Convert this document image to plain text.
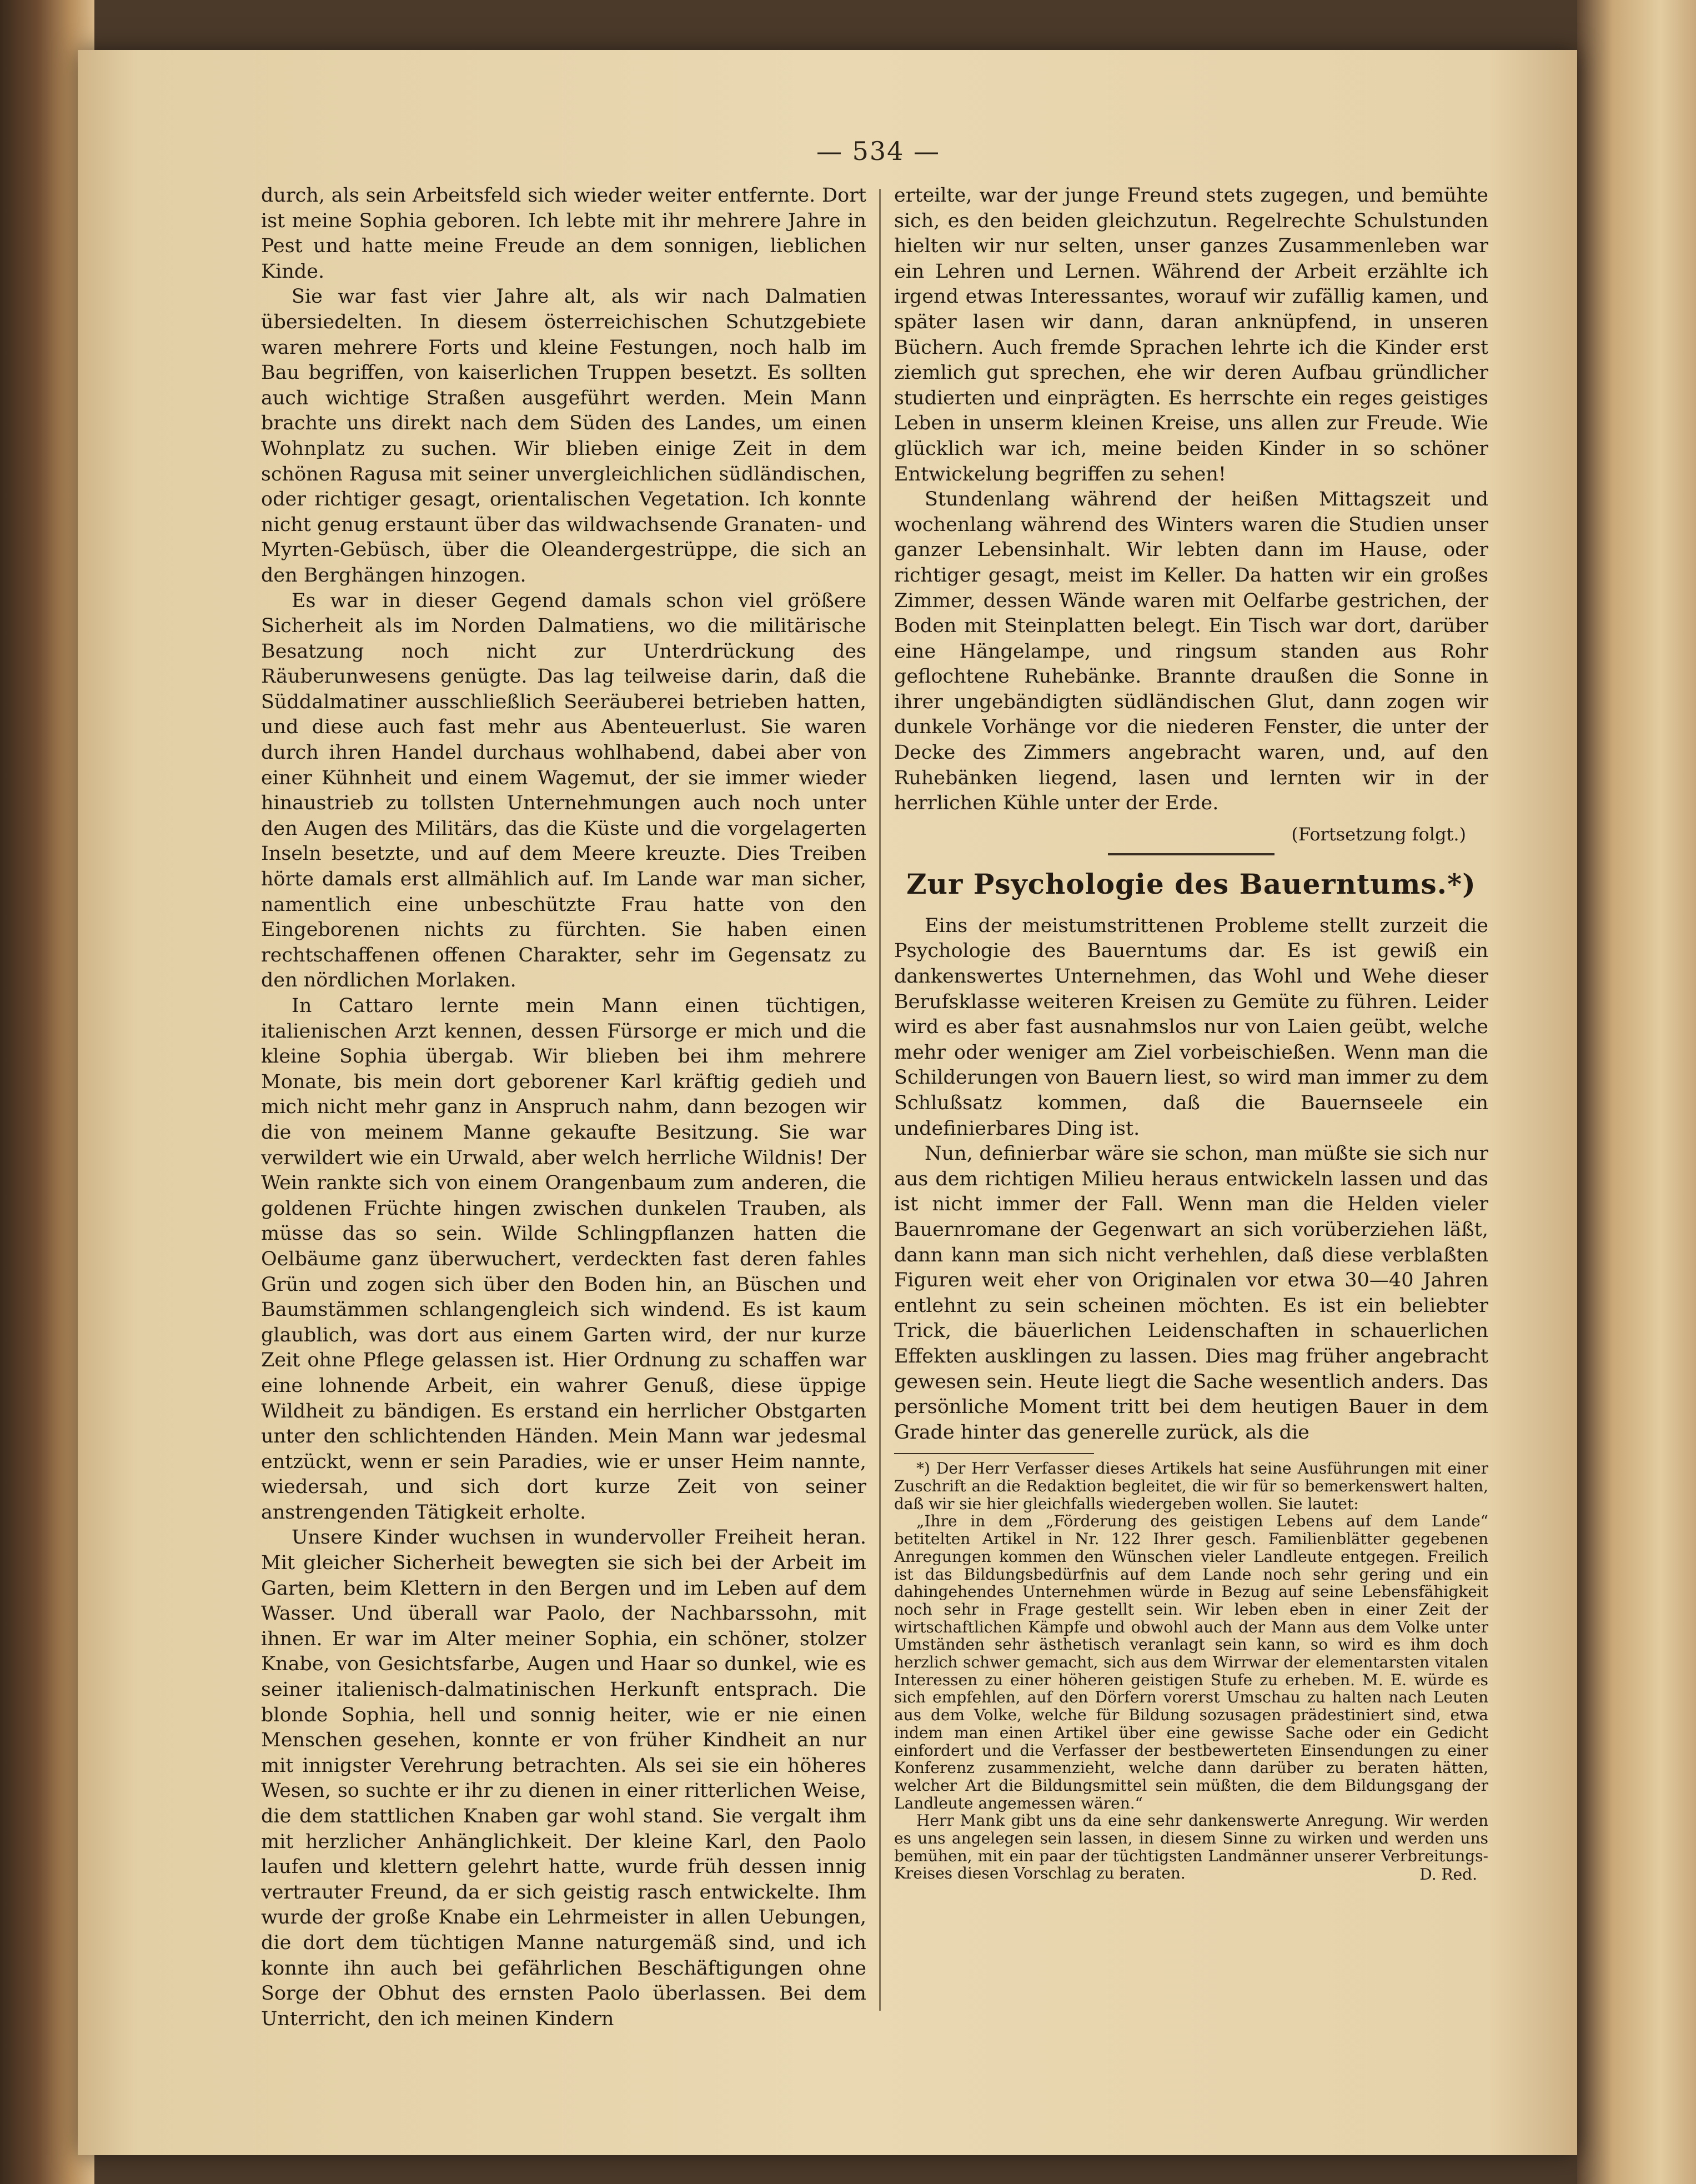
— 534 —

durch, als sein Arbeitsfeld sich wieder weiter entfernte. Dort ist meine Sophia geboren. Ich lebte mit ihr mehrere Jahre in Pest und hatte meine Freude an dem sonnigen, lieblichen Kinde.

Sie war fast vier Jahre alt, als wir nach Dalmatien übersiedelten. In diesem österreichischen Schutzgebiete waren mehrere Forts und kleine Festungen, noch halb im Bau begriffen, von kaiserlichen Truppen besetzt. Es sollten auch wichtige Straßen ausgeführt werden. Mein Mann brachte uns direkt nach dem Süden des Landes, um einen Wohnplatz zu suchen. Wir blieben einige Zeit in dem schönen Ragusa mit seiner unvergleichlichen südländischen, oder richtiger gesagt, orientalischen Vegetation. Ich konnte nicht genug erstaunt über das wildwachsende Granaten- und Myrten-Gebüsch, über die Oleandergestrüppe, die sich an den Berghängen hinzogen.

Es war in dieser Gegend damals schon viel größere Sicherheit als im Norden Dalmatiens, wo die militärische Besatzung noch nicht zur Unterdrückung des Räuberunwesens genügte. Das lag teilweise darin, daß die Süddalmatiner ausschließlich Seeräuberei betrieben hatten, und diese auch fast mehr aus Abenteuerlust. Sie waren durch ihren Handel durchaus wohlhabend, dabei aber von einer Kühnheit und einem Wagemut, der sie immer wieder hinaustrieb zu tollsten Unternehmungen auch noch unter den Augen des Militärs, das die Küste und die vorgelagerten Inseln besetzte, und auf dem Meere kreuzte. Dies Treiben hörte damals erst allmählich auf. Im Lande war man sicher, namentlich eine unbeschützte Frau hatte von den Eingeborenen nichts zu fürchten. Sie haben einen rechtschaffenen offenen Charakter, sehr im Gegensatz zu den nördlichen Morlaken.

In Cattaro lernte mein Mann einen tüchtigen, italienischen Arzt kennen, dessen Fürsorge er mich und die kleine Sophia übergab. Wir blieben bei ihm mehrere Monate, bis mein dort geborener Karl kräftig gedieh und mich nicht mehr ganz in Anspruch nahm, dann bezogen wir die von meinem Manne gekaufte Besitzung. Sie war verwildert wie ein Urwald, aber welch herrliche Wildnis! Der Wein rankte sich von einem Orangenbaum zum anderen, die goldenen Früchte hingen zwischen dunkelen Trauben, als müsse das so sein. Wilde Schlingpflanzen hatten die Oelbäume ganz überwuchert, verdeckten fast deren fahles Grün und zogen sich über den Boden hin, an Büschen und Baumstämmen schlangengleich sich windend. Es ist kaum glaublich, was dort aus einem Garten wird, der nur kurze Zeit ohne Pflege gelassen ist. Hier Ordnung zu schaffen war eine lohnende Arbeit, ein wahrer Genuß, diese üppige Wildheit zu bändigen. Es erstand ein herrlicher Obstgarten unter den schlichtenden Händen. Mein Mann war jedesmal entzückt, wenn er sein Paradies, wie er unser Heim nannte, wiedersah, und sich dort kurze Zeit von seiner anstrengenden Tätigkeit erholte.

Unsere Kinder wuchsen in wundervoller Freiheit heran. Mit gleicher Sicherheit bewegten sie sich bei der Arbeit im Garten, beim Klettern in den Bergen und im Leben auf dem Wasser. Und überall war Paolo, der Nachbarssohn, mit ihnen. Er war im Alter meiner Sophia, ein schöner, stolzer Knabe, von Gesichtsfarbe, Augen und Haar so dunkel, wie es seiner italienisch-dalmatinischen Herkunft entsprach. Die blonde Sophia, hell und sonnig heiter, wie er nie einen Menschen gesehen, konnte er von früher Kindheit an nur mit innigster Verehrung betrachten. Als sei sie ein höheres Wesen, so suchte er ihr zu dienen in einer ritterlichen Weise, die dem stattlichen Knaben gar wohl stand. Sie vergalt ihm mit herzlicher Anhänglichkeit. Der kleine Karl, den Paolo laufen und klettern gelehrt hatte, wurde früh dessen innig vertrauter Freund, da er sich geistig rasch entwickelte. Ihm wurde der große Knabe ein Lehrmeister in allen Uebungen, die dort dem tüchtigen Manne naturgemäß sind, und ich konnte ihn auch bei gefährlichen Beschäftigungen ohne Sorge der Obhut des ernsten Paolo überlassen. Bei dem Unterricht, den ich meinen Kindern

erteilte, war der junge Freund stets zugegen, und bemühte sich, es den beiden gleichzutun. Regelrechte Schulstunden hielten wir nur selten, unser ganzes Zusammenleben war ein Lehren und Lernen. Während der Arbeit erzählte ich irgend etwas Interessantes, worauf wir zufällig kamen, und später lasen wir dann, daran anknüpfend, in unseren Büchern. Auch fremde Sprachen lehrte ich die Kinder erst ziemlich gut sprechen, ehe wir deren Aufbau gründlicher studierten und einprägten. Es herrschte ein reges geistiges Leben in unserm kleinen Kreise, uns allen zur Freude. Wie glücklich war ich, meine beiden Kinder in so schöner Entwickelung begriffen zu sehen!

Stundenlang während der heißen Mittagszeit und wochenlang während des Winters waren die Studien unser ganzer Lebensinhalt. Wir lebten dann im Hause, oder richtiger gesagt, meist im Keller. Da hatten wir ein großes Zimmer, dessen Wände waren mit Oelfarbe gestrichen, der Boden mit Steinplatten belegt. Ein Tisch war dort, darüber eine Hängelampe, und ringsum standen aus Rohr geflochtene Ruhebänke. Brannte draußen die Sonne in ihrer ungebändigten südländischen Glut, dann zogen wir dunkele Vorhänge vor die niederen Fenster, die unter der Decke des Zimmers angebracht waren, und, auf den Ruhebänken liegend, lasen und lernten wir in der herrlichen Kühle unter der Erde.

(Fortsetzung folgt.)
Zur Psychologie des Bauerntums.*)

Eins der meistumstrittenen Probleme stellt zurzeit die Psychologie des Bauerntums dar. Es ist gewiß ein dankenswertes Unternehmen, das Wohl und Wehe dieser Berufsklasse weiteren Kreisen zu Gemüte zu führen. Leider wird es aber fast ausnahmslos nur von Laien geübt, welche mehr oder weniger am Ziel vorbeischießen. Wenn man die Schilderungen von Bauern liest, so wird man immer zu dem Schlußsatz kommen, daß die Bauernseele ein undefinierbares Ding ist.

Nun, definierbar wäre sie schon, man müßte sie sich nur aus dem richtigen Milieu heraus entwickeln lassen und das ist nicht immer der Fall. Wenn man die Helden vieler Bauernromane der Gegenwart an sich vorüberziehen läßt, dann kann man sich nicht verhehlen, daß diese verblaßten Figuren weit eher von Originalen vor etwa 30—40 Jahren entlehnt zu sein scheinen möchten. Es ist ein beliebter Trick, die bäuerlichen Leidenschaften in schauerlichen Effekten ausklingen zu lassen. Dies mag früher angebracht gewesen sein. Heute liegt die Sache wesentlich anders. Das persönliche Moment tritt bei dem heutigen Bauer in dem Grade hinter das generelle zurück, als die

*) Der Herr Verfasser dieses Artikels hat seine Ausführungen mit einer Zuschrift an die Redaktion begleitet, die wir für so bemerkenswert halten, daß wir sie hier gleichfalls wiedergeben wollen. Sie lautet:

„Ihre in dem „Förderung des geistigen Lebens auf dem Lande“ betitelten Artikel in Nr. 122 Ihrer gesch. Familienblätter gegebenen Anregungen kommen den Wünschen vieler Landleute entgegen. Freilich ist das Bildungsbedürfnis auf dem Lande noch sehr gering und ein dahingehendes Unternehmen würde in Bezug auf seine Lebensfähigkeit noch sehr in Frage gestellt sein. Wir leben eben in einer Zeit der wirtschaftlichen Kämpfe und obwohl auch der Mann aus dem Volke unter Umständen sehr ästhetisch veranlagt sein kann, so wird es ihm doch herzlich schwer gemacht, sich aus dem Wirrwar der elementarsten vitalen Interessen zu einer höheren geistigen Stufe zu erheben. M. E. würde es sich empfehlen, auf den Dörfern vorerst Umschau zu halten nach Leuten aus dem Volke, welche für Bildung sozusagen prädestiniert sind, etwa indem man einen Artikel über eine gewisse Sache oder ein Gedicht einfordert und die Verfasser der bestbewerteten Einsendungen zu einer Konferenz zusammenzieht, welche dann darüber zu beraten hätten, welcher Art die Bildungsmittel sein müßten, die dem Bildungsgang der Landleute angemessen wären.“

Herr Mank gibt uns da eine sehr dankenswerte Anregung. Wir werden es uns angelegen sein lassen, in diesem Sinne zu wirken und werden uns bemühen, mit ein paar der tüchtigsten Landmänner unserer Verbreitungs-Kreises diesen Vorschlag zu beraten.	D. Red.
